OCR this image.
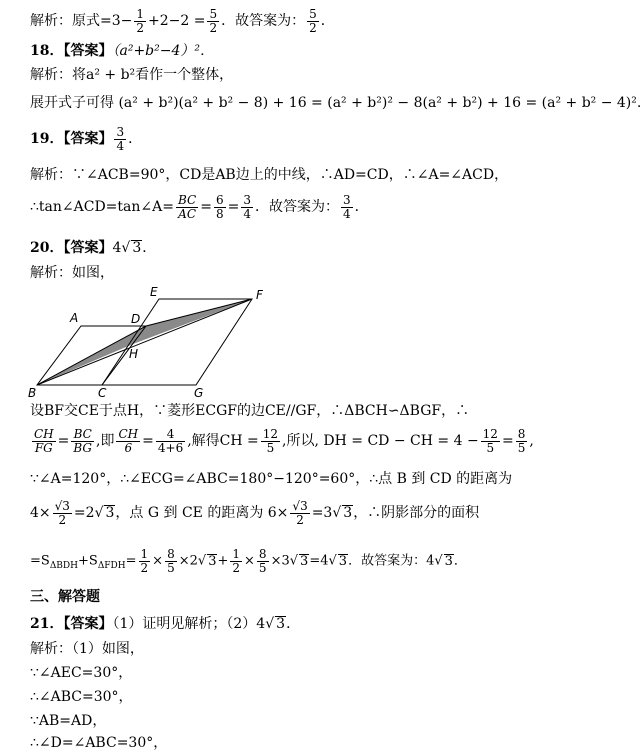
解析：原式$=3- \frac{1}{2} +2-2 = \frac{5}{2}$ ．故答案为： $\frac{5}{2}$ ．
18．【答案】（a²+b²−4）²．
解析：将a² + b²看作一个整体，
展开式子可得 (a² + b²)(a² + b² − 8) + 16 = (a² + b²)² − 8(a² + b²) + 16 = (a² + b² − 4)².
19．【答案】 $\frac{3}{4}$ ．
解析：∵∠ACB=90°，CD是AB边上的中线，∴AD=CD，∴∠A=∠ACD，
∴tan∠ACD=tan∠A= $\frac{BC}{AC} = \frac{6}{8} = \frac{3}{4}$ ．故答案为： $\frac{3}{4}$ ．
20．【答案】4√ 3．
解析：如图，
A	D
E	F
H
B	C	G
设BF交CE于点H，∵菱形ECGF的边CE//GF，∴ΔBCH∽ΔBGF，∴
$\frac{CH}{FG} = \frac{BC}{BG}$ ,即 $\frac{CH}{6} = \frac{4}{4+6}$ ,解得CH = $\frac{12}{5}$ ,所以, DH = CD − CH = $4 - \frac{12}{5} = \frac{8}{5}$ ,
∵∠A=120°，∴∠ECG=∠ABC=180°−120°=60°，∴点 B 到 CD 的距离为
$4\times \frac{√3}{2} =2√$ 3，点 G 到 CE 的距离为 $6\times \frac{√3}{2} =3√$ 3，∴阴影部分的面积
$=S_{\Delta BDH}+S_{\Delta FDH}= \frac{1}{2} \times \frac{8}{5} \times 2√$ $3+ \frac{1}{2} \times \frac{8}{5} \times 3√$ 3=4√ 3．故答案为：4√ 3．
三、解答题
21．【答案】（1）证明见解析；（2）4√ 3．
解析：（1）如图，
∵∠AEC=30°，
∴∠ABC=30°，
∵AB=AD，
∴∠D=∠ABC=30°，
